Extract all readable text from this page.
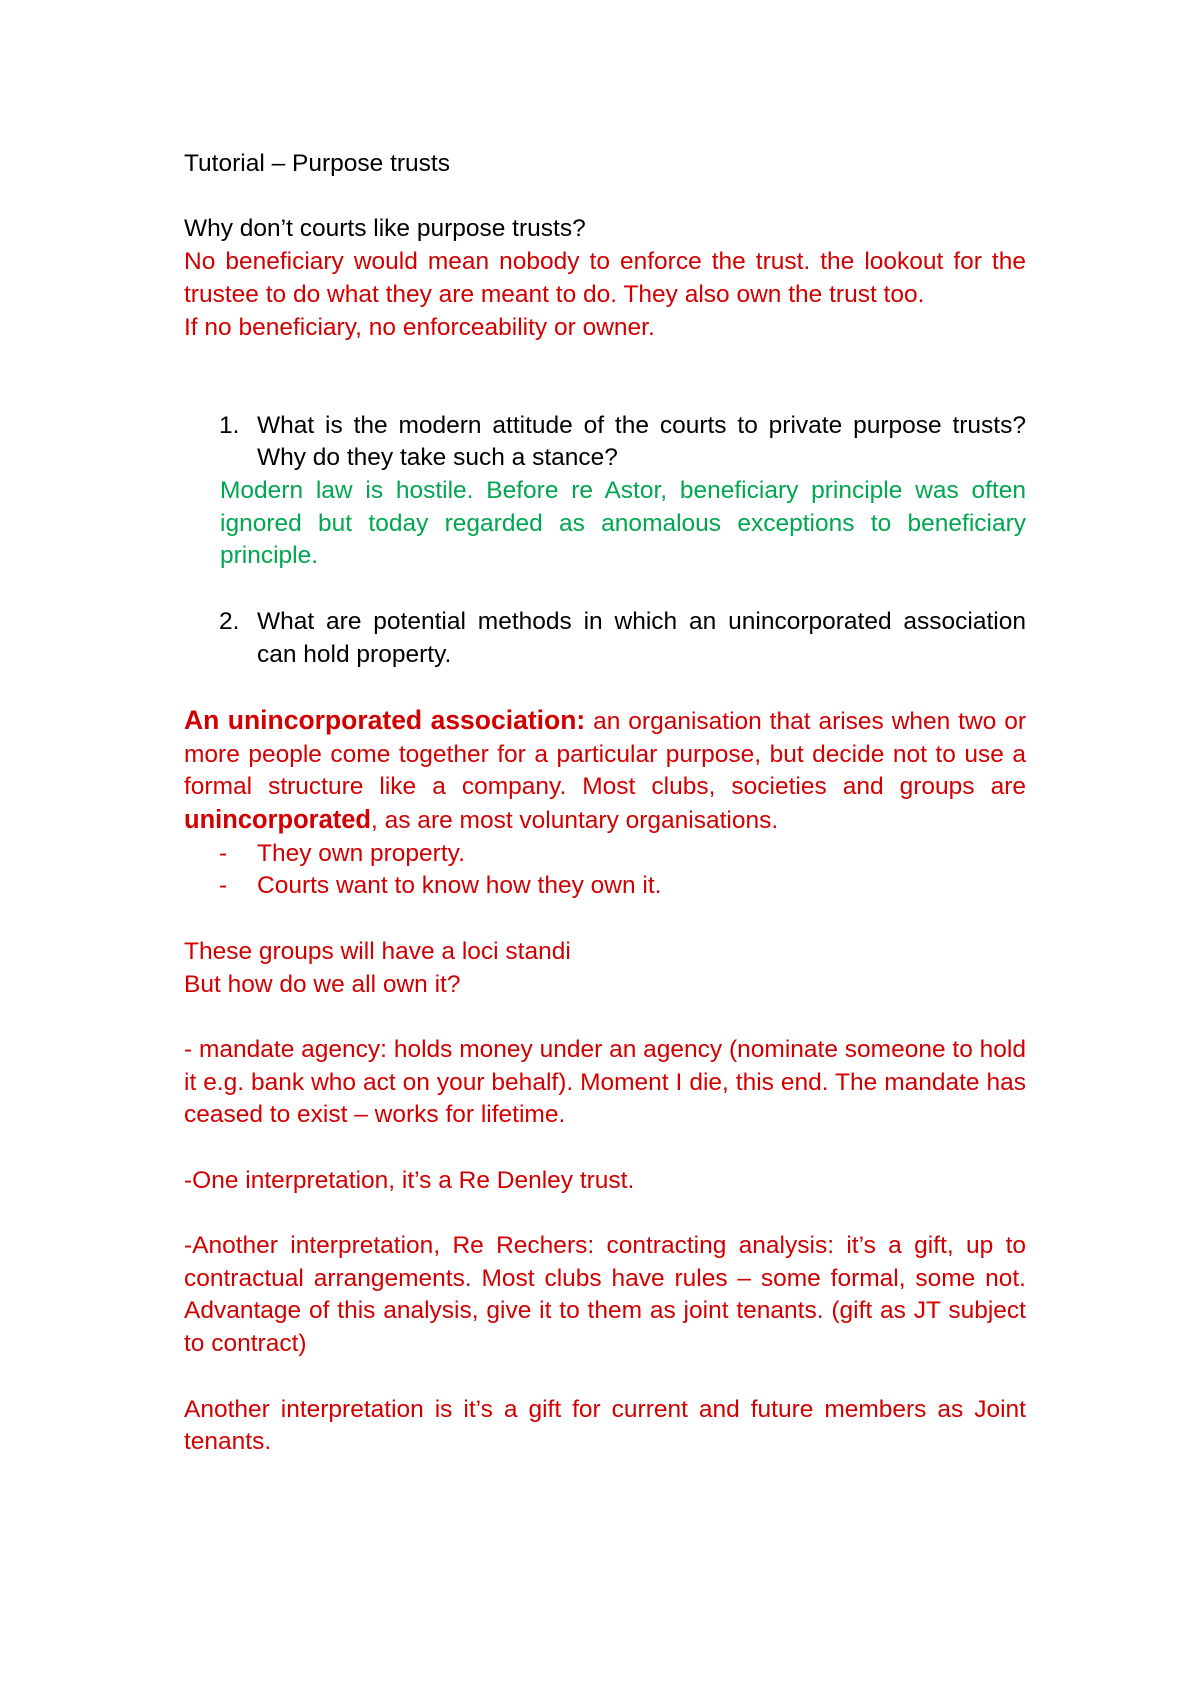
Tutorial – Purpose trusts

Why don’t courts like purpose trusts?

No beneficiary would mean nobody to enforce the trust. the lookout for the trustee to do what they are meant to do. They also own the trust too.

If no beneficiary, no enforceability or owner.

1. What is the modern attitude of the courts to private purpose trusts? Why do they take such a stance?

Modern law is hostile. Before re Astor, beneficiary principle was often ignored but today regarded as anomalous exceptions to beneficiary principle.

2. What are potential methods in which an unincorporated association can hold property.

An unincorporated association: an organisation that arises when two or more people come together for a particular purpose, but decide not to use a formal structure like a company. Most clubs, societies and groups are unincorporated, as are most voluntary organisations.

- They own property.
- Courts want to know how they own it.

These groups will have a loci standi

But how do we all own it?

- mandate agency: holds money under an agency (nominate someone to hold it e.g. bank who act on your behalf). Moment I die, this end. The mandate has ceased to exist – works for lifetime.

-One interpretation, it’s a Re Denley trust.

-Another interpretation, Re Rechers: contracting analysis: it’s a gift, up to contractual arrangements. Most clubs have rules – some formal, some not. Advantage of this analysis, give it to them as joint tenants. (gift as JT subject to contract)

Another interpretation is it’s a gift for current and future members as Joint tenants.
